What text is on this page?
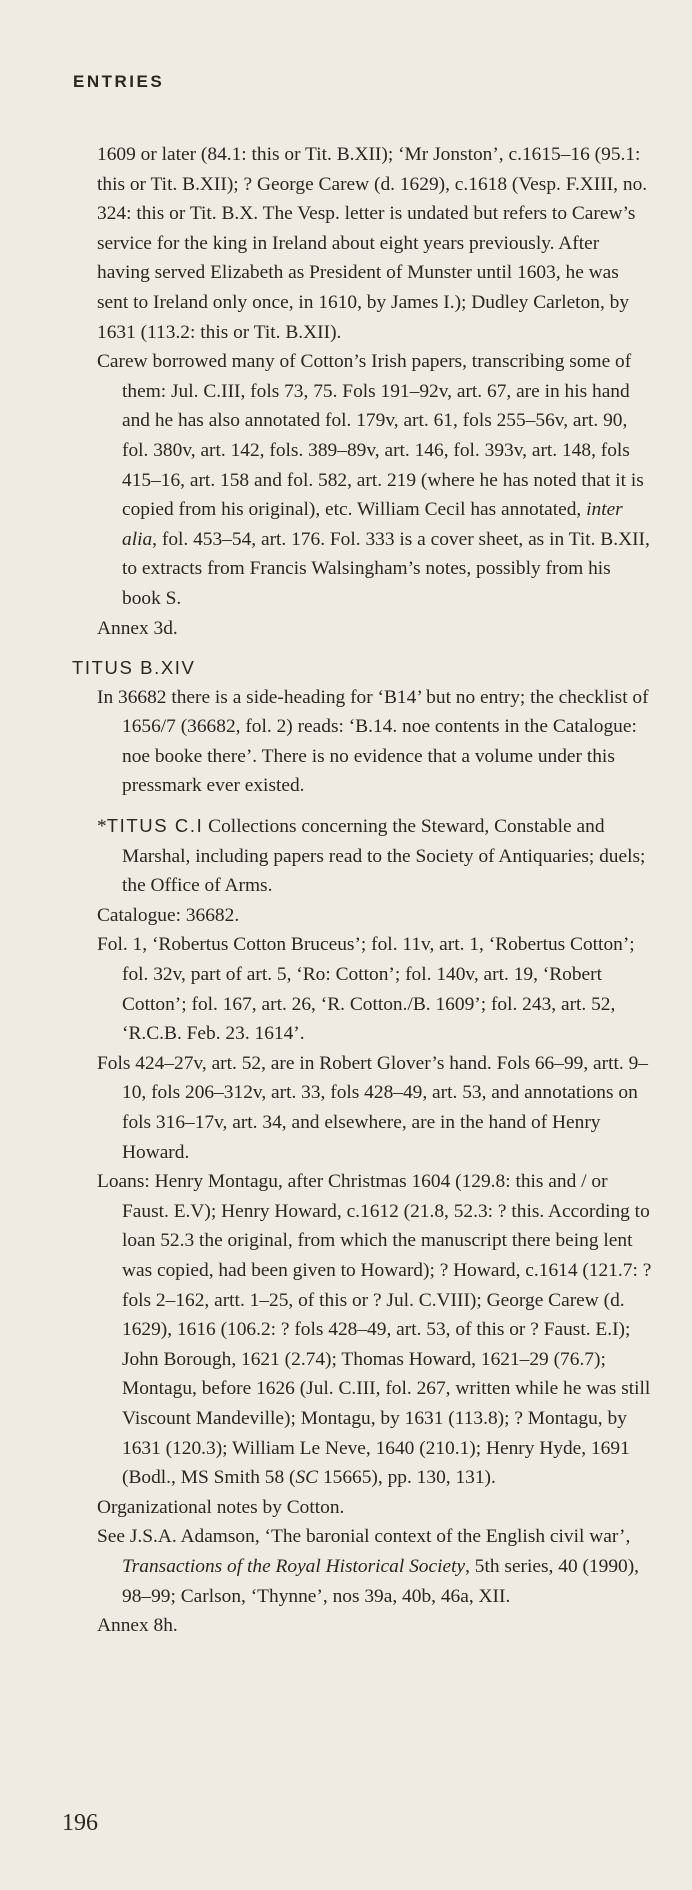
ENTRIES

1609 or later (84.1: this or Tit. B.XII); ‘Mr Jonston’, c.1615–16 (95.1: this or Tit. B.XII); ? George Carew (d. 1629), c.1618 (Vesp. F.XIII, no. 324: this or Tit. B.X. The Vesp. letter is undated but refers to Carew’s service for the king in Ireland about eight years previously. After having served Elizabeth as President of Munster until 1603, he was sent to Ireland only once, in 1610, by James I.); Dudley Carleton, by 1631 (113.2: this or Tit. B.XII).

Carew borrowed many of Cotton’s Irish papers, transcribing some of them: Jul. C.III, fols 73, 75. Fols 191–92v, art. 67, are in his hand and he has also annotated fol. 179v, art. 61, fols 255–56v, art. 90, fol. 380v, art. 142, fols. 389–89v, art. 146, fol. 393v, art. 148, fols 415–16, art. 158 and fol. 582, art. 219 (where he has noted that it is copied from his original), etc. William Cecil has annotated, inter alia, fol. 453–54, art. 176. Fol. 333 is a cover sheet, as in Tit. B.XII, to extracts from Francis Walsingham’s notes, possibly from his book S.

Annex 3d.

TITUS B.XIV

In 36682 there is a side-heading for ‘B14’ but no entry; the checklist of 1656/7 (36682, fol. 2) reads: ‘B.14. noe contents in the Catalogue: noe booke there’. There is no evidence that a volume under this pressmark ever existed.

*TITUS C.I Collections concerning the Steward, Constable and Marshal, including papers read to the Society of Antiquaries; duels; the Office of Arms.

Catalogue: 36682.

Fol. 1, ‘Robertus Cotton Bruceus’; fol. 11v, art. 1, ‘Robertus Cotton’; fol. 32v, part of art. 5, ‘Ro: Cotton’; fol. 140v, art. 19, ‘Robert Cotton’; fol. 167, art. 26, ‘R. Cotton./B. 1609’; fol. 243, art. 52, ‘R.C.B. Feb. 23. 1614’.

Fols 424–27v, art. 52, are in Robert Glover’s hand. Fols 66–99, artt. 9–10, fols 206–312v, art. 33, fols 428–49, art. 53, and annotations on fols 316–17v, art. 34, and elsewhere, are in the hand of Henry Howard.

Loans: Henry Montagu, after Christmas 1604 (129.8: this and / or Faust. E.V); Henry Howard, c.1612 (21.8, 52.3: ? this. According to loan 52.3 the original, from which the manuscript there being lent was copied, had been given to Howard); ? Howard, c.1614 (121.7: ? fols 2–162, artt. 1–25, of this or ? Jul. C.VIII); George Carew (d. 1629), 1616 (106.2: ? fols 428–49, art. 53, of this or ? Faust. E.I); John Borough, 1621 (2.74); Thomas Howard, 1621–29 (76.7); Montagu, before 1626 (Jul. C.III, fol. 267, written while he was still Viscount Mandeville); Montagu, by 1631 (113.8); ? Montagu, by 1631 (120.3); William Le Neve, 1640 (210.1); Henry Hyde, 1691 (Bodl., MS Smith 58 (SC 15665), pp. 130, 131).

Organizational notes by Cotton.

See J.S.A. Adamson, ‘The baronial context of the English civil war’, Transactions of the Royal Historical Society, 5th series, 40 (1990), 98–99; Carlson, ‘Thynne’, nos 39a, 40b, 46a, XII.

Annex 8h.

196
